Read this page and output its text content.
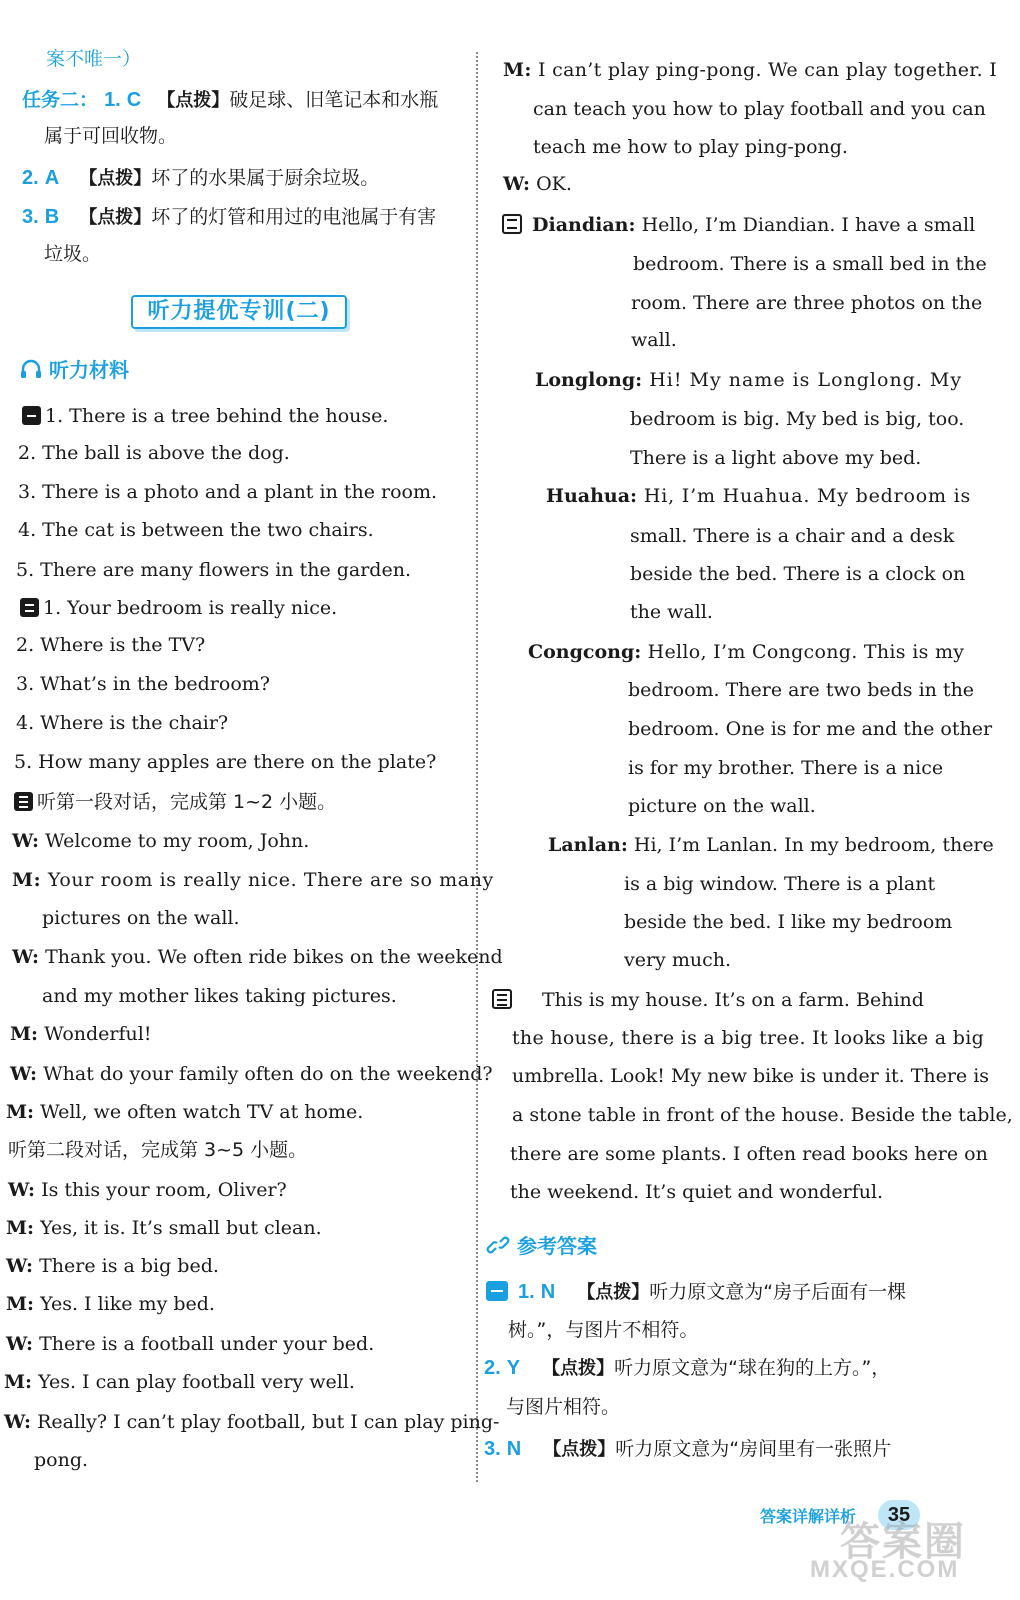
案不唯一）
任务二： 1. C 【点拨】破足球、旧笔记本和水瓶
属于可回收物。
2. A 【点拨】坏了的水果属于厨余垃圾。
3. B 【点拨】坏了的灯管和用过的电池属于有害
垃圾。
听力提优专训(二)
听力材料
1. There is a tree behind the house.
2. The ball is above the dog.
3. There is a photo and a plant in the room.
4. The cat is between the two chairs.
5. There are many flowers in the garden.
1. Your bedroom is really nice.
2. Where is the TV?
3. What’s in the bedroom?
4. Where is the chair?
5. How many apples are there on the plate?
听第一段对话，完成第 1~2 小题。
W: Welcome to my room, John.
M: Your room is really nice. There are so many
pictures on the wall.
W: Thank you. We often ride bikes on the weekend
and my mother likes taking pictures.
M: Wonderful!
W: What do your family often do on the weekend?
M: Well, we often watch TV at home.
听第二段对话，完成第 3~5 小题。
W: Is this your room, Oliver?
M: Yes, it is. It’s small but clean.
W: There is a big bed.
M: Yes. I like my bed.
W: There is a football under your bed.
M: Yes. I can play football very well.
W: Really? I can’t play football, but I can play ping-
pong.
M: I can’t play ping-pong. We can play together. I
can teach you how to play football and you can
teach me how to play ping-pong.
W: OK.
Diandian: Hello, I’m Diandian. I have a small
bedroom. There is a small bed in the
room. There are three photos on the
wall.
Longlong: Hi! My name is Longlong. My
bedroom is big. My bed is big, too.
There is a light above my bed.
Huahua: Hi, I’m Huahua. My bedroom is
small. There is a chair and a desk
beside the bed. There is a clock on
the wall.
Congcong: Hello, I’m Congcong. This is my
bedroom. There are two beds in the
bedroom. One is for me and the other
is for my brother. There is a nice
picture on the wall.
Lanlan: Hi, I’m Lanlan. In my bedroom, there
is a big window. There is a plant
beside the bed. I like my bedroom
very much.
This is my house. It’s on a farm. Behind
the house, there is a big tree. It looks like a big
umbrella. Look! My new bike is under it. There is
a stone table in front of the house. Beside the table,
there are some plants. I often read books here on
the weekend. It’s quiet and wonderful.
参考答案
1. N 【点拨】听力原文意为“房子后面有一棵
树。”，与图片不相符。
2. Y 【点拨】听力原文意为“球在狗的上方。”，
与图片相符。
3. N 【点拨】听力原文意为“房间里有一张照片
答案详解详析	35
答案圈
MXQE.COM
